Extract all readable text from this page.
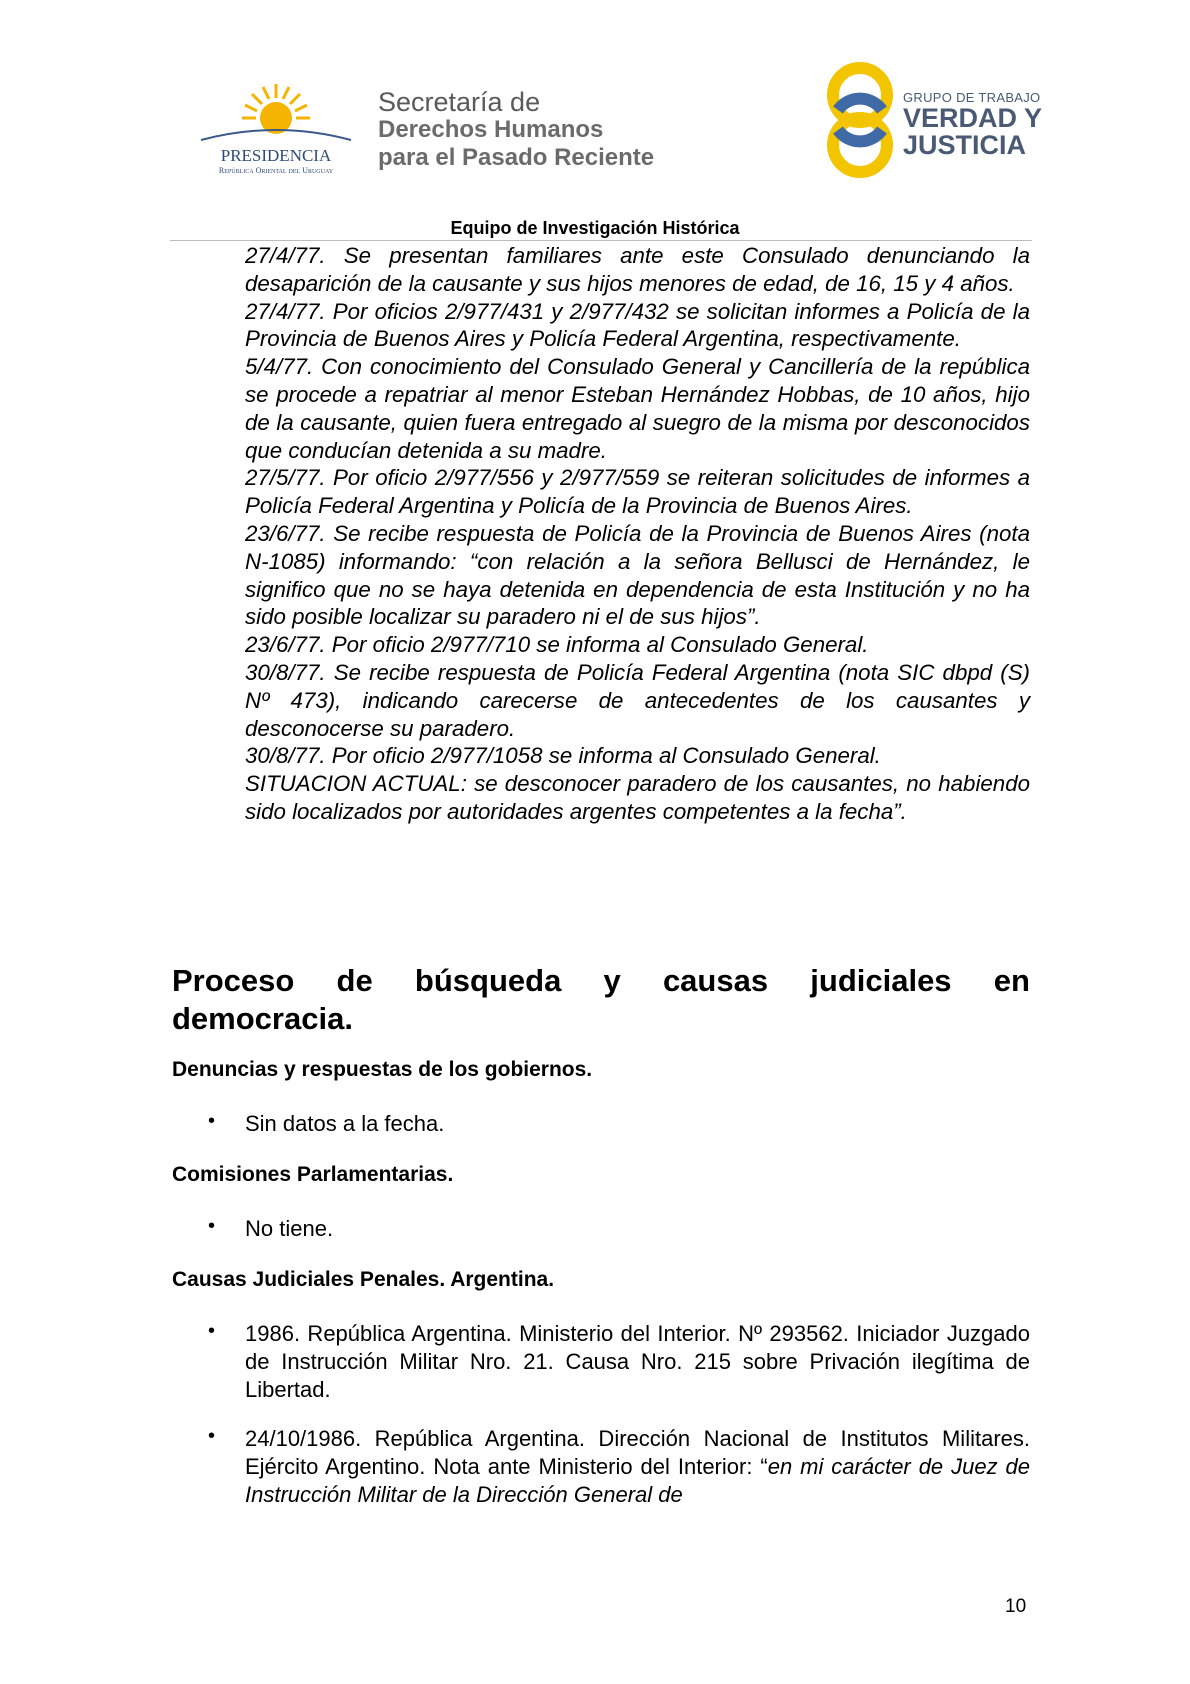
PRESIDENCIA
República Oriental del Uruguay
Secretaría de
Derechos Humanos
para el Pasado Reciente
GRUPO DE TRABAJO
VERDAD Y
JUSTICIA
Equipo de Investigación Histórica

27/4/77. Se presentan familiares ante este Consulado denunciando la desaparición de la causante y sus hijos menores de edad, de 16, 15 y 4 años.

27/4/77. Por oficios 2/977/431 y 2/977/432 se solicitan informes a Policía de la Provincia de Buenos Aires y Policía Federal Argentina, respectivamente.

5/4/77. Con conocimiento del Consulado General y Cancillería de la república se procede a repatriar al menor Esteban Hernández Hobbas, de 10 años, hijo de la causante, quien fuera entregado al suegro de la misma por desconocidos que conducían detenida a su madre.

27/5/77. Por oficio 2/977/556 y 2/977/559 se reiteran solicitudes de informes a Policía Federal Argentina y Policía de la Provincia de Buenos Aires.

23/6/77. Se recibe respuesta de Policía de la Provincia de Buenos Aires (nota N-1085) informando: “con relación a la señora Bellusci de Hernández, le significo que no se haya detenida en dependencia de esta Institución y no ha sido posible localizar su paradero ni el de sus hijos”.

23/6/77. Por oficio 2/977/710 se informa al Consulado General.

30/8/77. Se recibe respuesta de Policía Federal Argentina (nota SIC dbpd (S) Nº 473), indicando carecerse de antecedentes de los causantes y desconocerse su paradero.

30/8/77. Por oficio 2/977/1058 se informa al Consulado General.

SITUACION ACTUAL: se desconocer paradero de los causantes, no habiendo sido localizados por autoridades argentes competentes a la fecha”.

Proceso de búsqueda y causas judiciales en
democracia.
Denuncias y respuestas de los gobiernos.
• Sin datos a la fecha.
Comisiones Parlamentarias.
• No tiene.
Causas Judiciales Penales. Argentina.
• 1986. República Argentina. Ministerio del Interior. Nº 293562. Iniciador Juzgado de Instrucción Militar Nro. 21. Causa Nro. 215 sobre Privación ilegítima de Libertad.
• 24/10/1986. República Argentina. Dirección Nacional de Institutos Militares. Ejército Argentino. Nota ante Ministerio del Interior: “en mi carácter de Juez de Instrucción Militar de la Dirección General de
10
